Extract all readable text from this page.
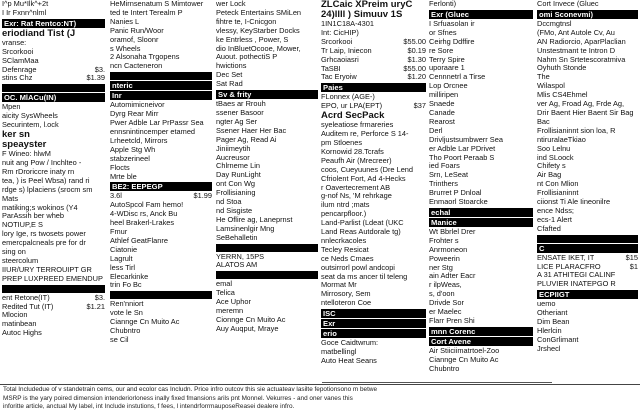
I^p Mu*Ilk^+2t
I Ir Fxnn^nlml
Exr: Rat Rentco:NT)
eriodiand Tist (J
vranse:
Srcorkooi
SClamMaa
Defenrage	$3.
stins Chz	$1.39
OC. MlACu(IN)
Mpen
aicity SysWheels
Securintem, l.ock
ker sn
speayster
F Wineo: hlwM
nuit ang Pow / Inchlteo -
Rm rDroriccre inaty rn
tea, ) is Peel Wbsa) rand ri
rdge s) lplaciens (srocm sm
Mats
matiking;s wokinos (Y4
ParAssih ber wheb
NOTIUP,E S
lory Ige, rs twosets power
emercpalcneals pre for dr
sing on
steercolum
IIUR/URY TERROUIPT GR
PREP LUXPREED EMENDUP
ent Retone(IT)	$3.
Redited Tut (IT)	$1.21
Mlocion
matinbean
Autoc Highs
HeMirnsenatum S Mimtower
ted te Intert Terealm P
Nanies L
Panic Run/Woor
oramof, Sloonr
s Wheels
2 Alsonaha Trgopens
ncn Cacteneron
nteric
Inr
Automimicneivor
Dyrg Rear Mirr
Pwer Adble Lar PrPassr Sea
ennsnintincemper etamed
Lrheetcld, Mirrors
Apple Stg Wh
stabzerineel
Flocts
Mrte ble
BE2: EEPEGP
3.6l	$1.99
AutoSpcol Fam hemo!
4-WDisc rs, Anck Bu
heel Brakerl-Lrakes
Fmur
Athlef GeatFlanre
Ciatonie
Lagrult
less Tirl
Elecarkinke
trin Fo Bc
Ren'nniort
vote le Sn
Ciannge Cn Muito Ac
Chubntro
se Cil
wer Lock
Peteck Entertains SMiLen
fihtre te, I-Cnicgon
vlessy, KeyStarber Docks
ke Entrless , Power, S
dio InBluetOcooe, Mower,
Auout. pothectiS P
hwictions
Dec Set
Sat Rad
Sv & frity
tBaes ar Rrouh
ssener Basoor
ngter Ag Ser
Ssener Haer Her Bac
Pager Ag, Read Ai
Jiniimeytih
Aucreusor
Chlrneme Lin
Day RunLight
ont Con Wg
Frollisianing
nd Stoa
nd Sisgiste
He Oflire ag, Laneprnst
Lamsinenlgir Mng
SeBehalletin
YERRN, 15PS
ALATOS AM
emal
Telica
Ace Uphor
meremn
Cionnge Cn Muito Ac
Auy Auqput, Mraye
ZLCaic XPreim uryC
24)llll ) Simuuv 1S
1IN1C18A-4301
Int: CicHIP)
Srcorkooi	$55.00
Tr Laip, Iniecon	$0.19
Grhcaoiasri	$1.30
TaSBI	$55.00
Tac Eryoiw	$1.20
Paies
FLonnex (AGE-)
EPO, ur LPA(EPT)	$37
Acrd SecPack
syeleatiose frmareries
Auditem re, Perforce S 14-
pm Stloenes
Kornowid 28.Tcrafs
Peaufh Air (Mrecreer)
coos, Cueyuunes (Dre Lend
Cfriolent Fort, Ad 4-Hecks
r Oavertecrement AB
g-nof Ns, 'M rehrkage
ilum ntrd ;mats
pencarpfloor.)
Land-Parlist (Ldeat (UKC
Land Reas Autdorale tg)
nnlecrkacoles
Tecley Resicat
ce Neds Cmaes
outsirrorl powl andcopi
seat da ms ancer til teleng
Mormat Mr
Mirrosory, Sem
ntelloteron Coe
ISC
Exr
erio
Goce Caidtwrum:
matbellingl
Auto Heat Seans
Ferlonti)
Exr (Gluec
I Srfuasolan ir
or Sfnes
Ceirhg Ddffire
re Sore
Terry Spire
uporaare 1
Cennnetrl a Tirse
Lop Orcnee
milliripen
Snaede
Canade
Rearost
Derl
Drivljustsumbwerr Sea
er Adble Lar PDrivet
Tho Poort Peraab S
ied Foars
Srn, LeSeat
Trinthers
Brurret P Dnloal
Enmaorl Stoarcke
echal
Manice
Wt Bbrlel Drer
Frohter s
Anrmoneon
Poweerin
ner Stg
ain Adter Eacr
r ilpWeas,
s, d'oon
Drivde Sor
er Maelec
Flarr Pren Shi
mnn Corenc
Cort Avene
Air Stiiciimatrtoel-Zoo
Ciannge Cn Muito Ac
Chubntro
Cort Invece (Gluec
omi Sconevmi)
Dccmgtnsl
(FMo, Ant Autole Cv, Au
AN Radiorcio, AparPlaclian
Unstestmant te Intron D
Nahm Sn Srtetescoratmiva
Oyhuth Stonde
The
Wilaspol
Mlis CS4Ehmel
ver Ag, Froad Ag, Frde Ag,
Drir Baent Hier Baent Sir Bag
Bac
Frollisianinnt sion loa, R
ntiruralaeTkiao
Soo Lelnu
ind SLoock
Chifety s
Air Bag
nt Con Mlion
Frollisianinnt
ciionst Ti Ale Iineonilre
ence Ndss;
ecs-1 Alert
Cfafted
C
ENSATE IKET, IT	$15
LICE PLARACFRO	$1
A 31 ATHITEGI CALINF
PLUVIER INATEPGO R
ECPIIGT
uemo
Otheriant
Dim Bean
Hlerlcin
ConGrlimant
Jrshecl
Total Includedue of v standetrain cems, our and ecolor cas Includn. Price infro outcov this sie actuateav lasilte fepotionsono m betwe
MSRP is the yary poired dimension intenderiorloness inally fixed fmansions arils pnt Monnel. Vekurres - and oner vanes this
inforitte article, anctual My label, int Include instutions, f fees, l intendrforrmauposeReasei dealere infro.
